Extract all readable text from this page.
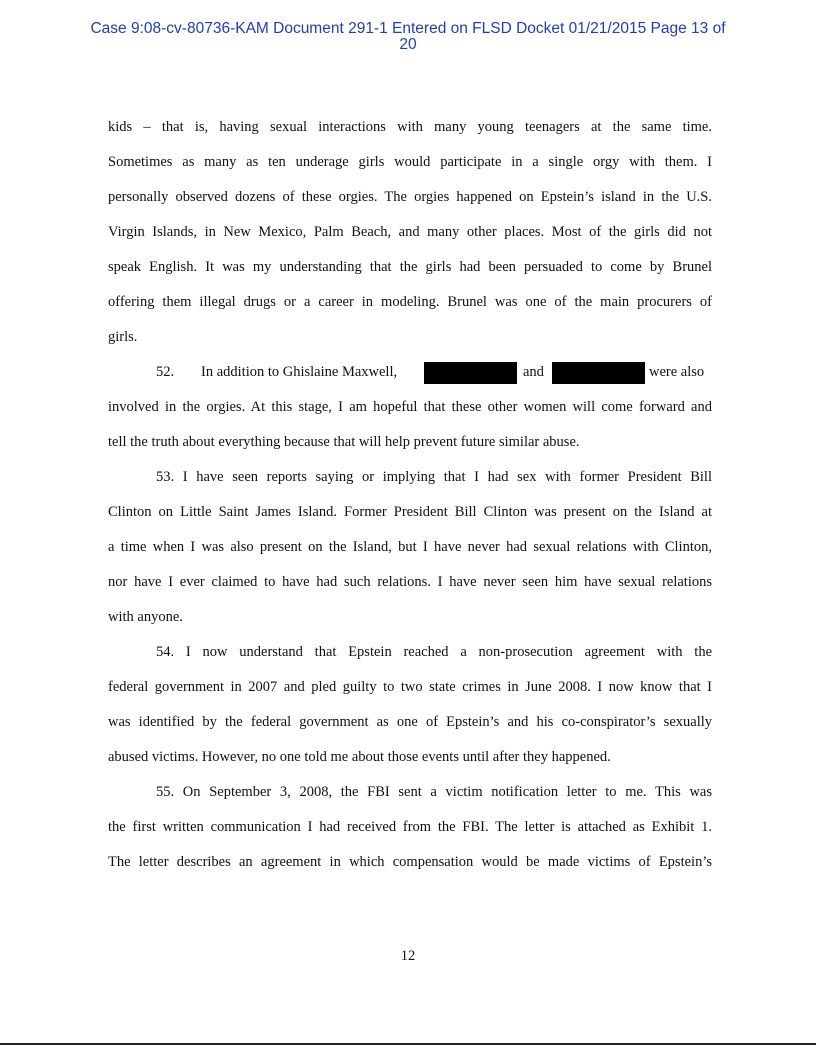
Case 9:08-cv-80736-KAM Document 291-1 Entered on FLSD Docket 01/21/2015 Page 13 of
20
kids – that is, having sexual interactions with many young teenagers at the same time.
Sometimes as many as ten underage girls would participate in a single orgy with them. I
personally observed dozens of these orgies. The orgies happened on Epstein’s island in the U.S.
Virgin Islands, in New Mexico, Palm Beach, and many other places. Most of the girls did not
speak English. It was my understanding that the girls had been persuaded to come by Brunel
offering them illegal drugs or a career in modeling. Brunel was one of the main procurers of
girls.
52. In addition to Ghislaine Maxwell,	and	were also
involved in the orgies. At this stage, I am hopeful that these other women will come forward and
tell the truth about everything because that will help prevent future similar abuse.
53. I have seen reports saying or implying that I had sex with former President Bill
Clinton on Little Saint James Island. Former President Bill Clinton was present on the Island at
a time when I was also present on the Island, but I have never had sexual relations with Clinton,
nor have I ever claimed to have had such relations. I have never seen him have sexual relations
with anyone.
54. I now understand that Epstein reached a non-prosecution agreement with the
federal government in 2007 and pled guilty to two state crimes in June 2008. I now know that I
was identified by the federal government as one of Epstein’s and his co-conspirator’s sexually
abused victims. However, no one told me about those events until after they happened.
55. On September 3, 2008, the FBI sent a victim notification letter to me. This was
the first written communication I had received from the FBI. The letter is attached as Exhibit 1.
The letter describes an agreement in which compensation would be made victims of Epstein’s
12
